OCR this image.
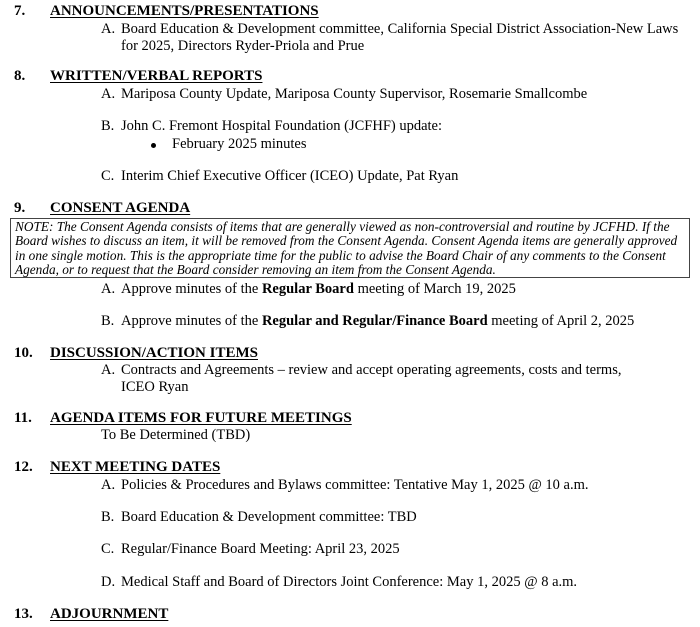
7. ANNOUNCEMENTS/PRESENTATIONS
A. Board Education & Development committee, California Special District Association-New Laws
for 2025, Directors Ryder-Priola and Prue
8. WRITTEN/VERBAL REPORTS
A. Mariposa County Update, Mariposa County Supervisor, Rosemarie Smallcombe
B. John C. Fremont Hospital Foundation (JCFHF) update:
February 2025 minutes
C. Interim Chief Executive Officer (ICEO) Update, Pat Ryan
9. CONSENT AGENDA
NOTE: The Consent Agenda consists of items that are generally viewed as non-controversial and routine by JCFHD. If the
Board wishes to discuss an item, it will be removed from the Consent Agenda. Consent Agenda items are generally approved
in one single motion. This is the appropriate time for the public to advise the Board Chair of any comments to the Consent
Agenda, or to request that the Board consider removing an item from the Consent Agenda.
A. Approve minutes of the Regular Board meeting of March 19, 2025
B. Approve minutes of the Regular and Regular/Finance Board meeting of April 2, 2025
10. DISCUSSION/ACTION ITEMS
A. Contracts and Agreements – review and accept operating agreements, costs and terms,
ICEO Ryan
11. AGENDA ITEMS FOR FUTURE MEETINGS
To Be Determined (TBD)
12. NEXT MEETING DATES
A. Policies & Procedures and Bylaws committee: Tentative May 1, 2025 @ 10 a.m.
B. Board Education & Development committee: TBD
C. Regular/Finance Board Meeting: April 23, 2025
D. Medical Staff and Board of Directors Joint Conference: May 1, 2025 @ 8 a.m.
13. ADJOURNMENT
